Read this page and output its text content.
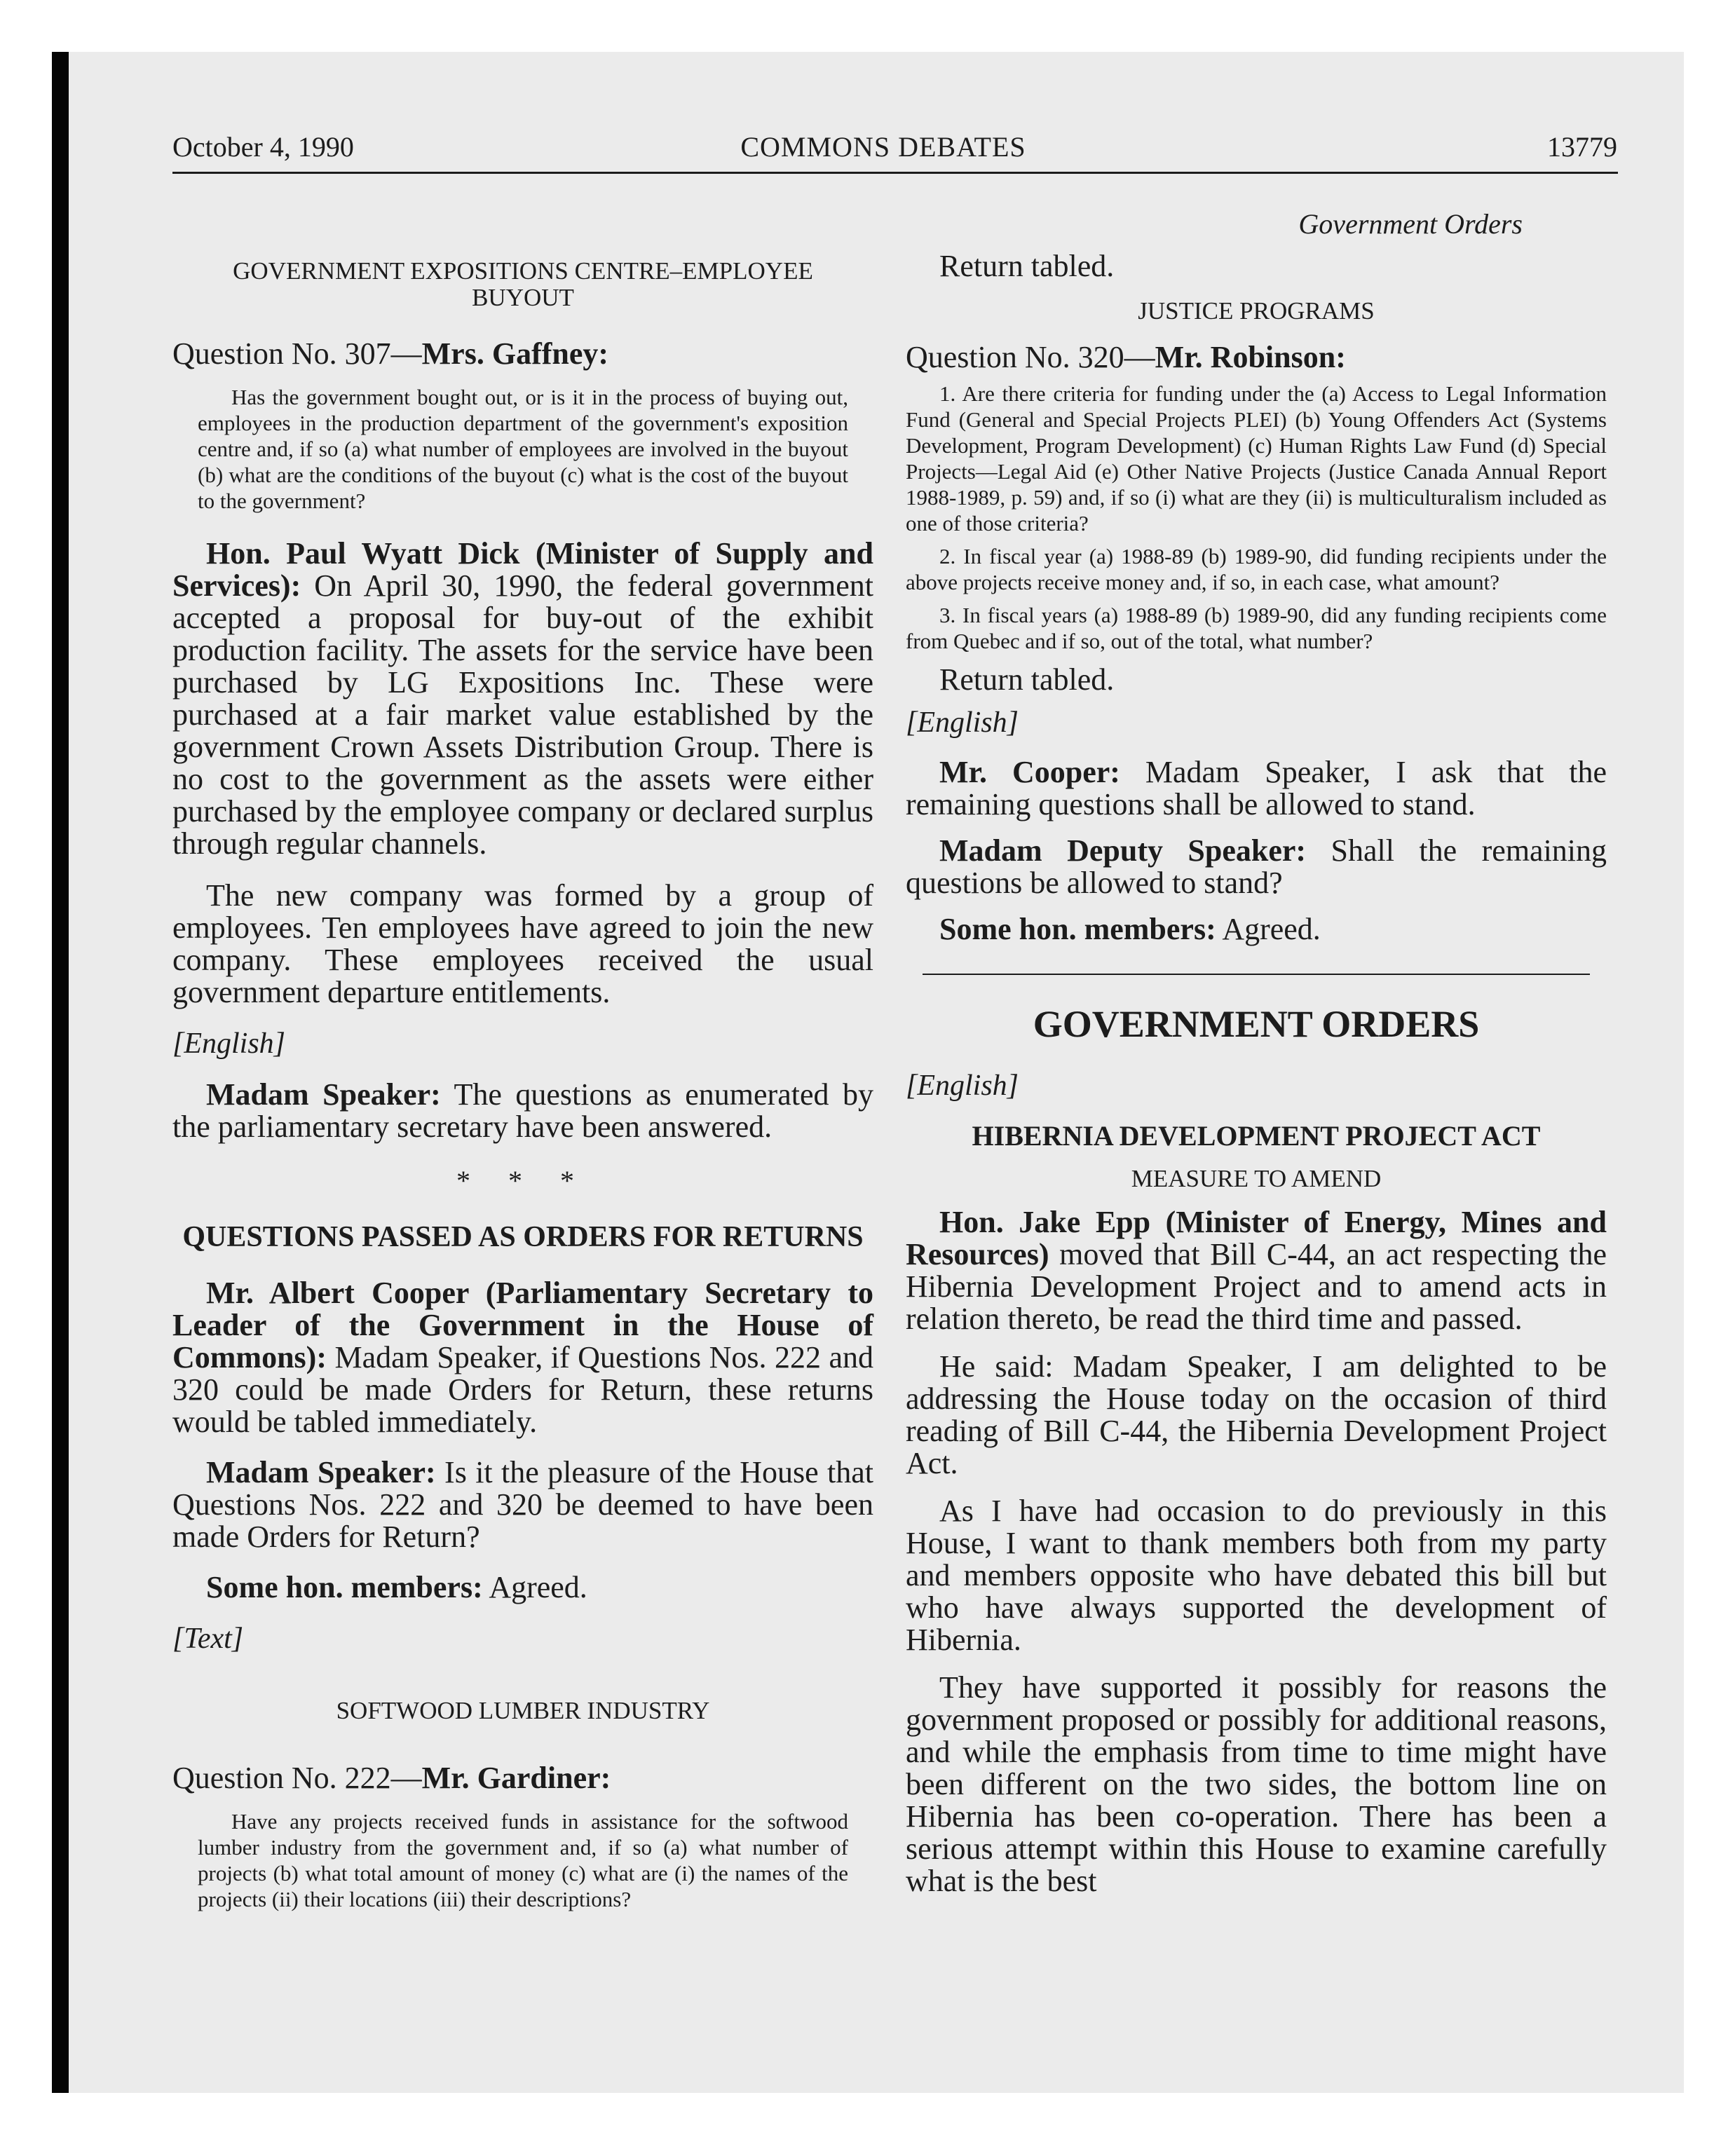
October 4, 1990	COMMONS DEBATES	13779

GOVERNMENT EXPOSITIONS CENTRE–EMPLOYEE BUYOUT

Question No. 307—Mrs. Gaffney:

Has the government bought out, or is it in the process of buying out, employees in the production department of the government's exposition centre and, if so (a) what number of employees are involved in the buyout (b) what are the conditions of the buyout (c) what is the cost of the buyout to the government?

Hon. Paul Wyatt Dick (Minister of Supply and Services): On April 30, 1990, the federal government accepted a proposal for buy-out of the exhibit production facility. The assets for the service have been purchased by LG Expositions Inc. These were purchased at a fair market value established by the government Crown Assets Distribution Group. There is no cost to the government as the assets were either purchased by the employee company or declared surplus through regular channels.

The new company was formed by a group of employees. Ten employees have agreed to join the new company. These employees received the usual government departure entitlements.

[English]

Madam Speaker: The questions as enumerated by the parliamentary secretary have been answered.

* * *

QUESTIONS PASSED AS ORDERS FOR RETURNS

Mr. Albert Cooper (Parliamentary Secretary to Leader of the Government in the House of Commons): Madam Speaker, if Questions Nos. 222 and 320 could be made Orders for Return, these returns would be tabled immediately.

Madam Speaker: Is it the pleasure of the House that Questions Nos. 222 and 320 be deemed to have been made Orders for Return?

Some hon. members: Agreed.

[Text]

SOFTWOOD LUMBER INDUSTRY

Question No. 222—Mr. Gardiner:

Have any projects received funds in assistance for the softwood lumber industry from the government and, if so (a) what number of projects (b) what total amount of money (c) what are (i) the names of the projects (ii) their locations (iii) their descriptions?

Government Orders

Return tabled.

JUSTICE PROGRAMS

Question No. 320—Mr. Robinson:

1. Are there criteria for funding under the (a) Access to Legal Information Fund (General and Special Projects PLEI) (b) Young Offenders Act (Systems Development, Program Development) (c) Human Rights Law Fund (d) Special Projects—Legal Aid (e) Other Native Projects (Justice Canada Annual Report 1988-1989, p. 59) and, if so (i) what are they (ii) is multiculturalism included as one of those criteria?

2. In fiscal year (a) 1988-89 (b) 1989-90, did funding recipients under the above projects receive money and, if so, in each case, what amount?

3. In fiscal years (a) 1988-89 (b) 1989-90, did any funding recipients come from Quebec and if so, out of the total, what number?

Return tabled.

[English]

Mr. Cooper: Madam Speaker, I ask that the remaining questions shall be allowed to stand.

Madam Deputy Speaker: Shall the remaining questions be allowed to stand?

Some hon. members: Agreed.

GOVERNMENT ORDERS

[English]

HIBERNIA DEVELOPMENT PROJECT ACT

MEASURE TO AMEND

Hon. Jake Epp (Minister of Energy, Mines and Resources) moved that Bill C-44, an act respecting the Hibernia Development Project and to amend acts in relation thereto, be read the third time and passed.

He said: Madam Speaker, I am delighted to be addressing the House today on the occasion of third reading of Bill C-44, the Hibernia Development Project Act.

As I have had occasion to do previously in this House, I want to thank members both from my party and members opposite who have debated this bill but who have always supported the development of Hibernia.

They have supported it possibly for reasons the government proposed or possibly for additional reasons, and while the emphasis from time to time might have been different on the two sides, the bottom line on Hibernia has been co-operation. There has been a serious attempt within this House to examine carefully what is the best
